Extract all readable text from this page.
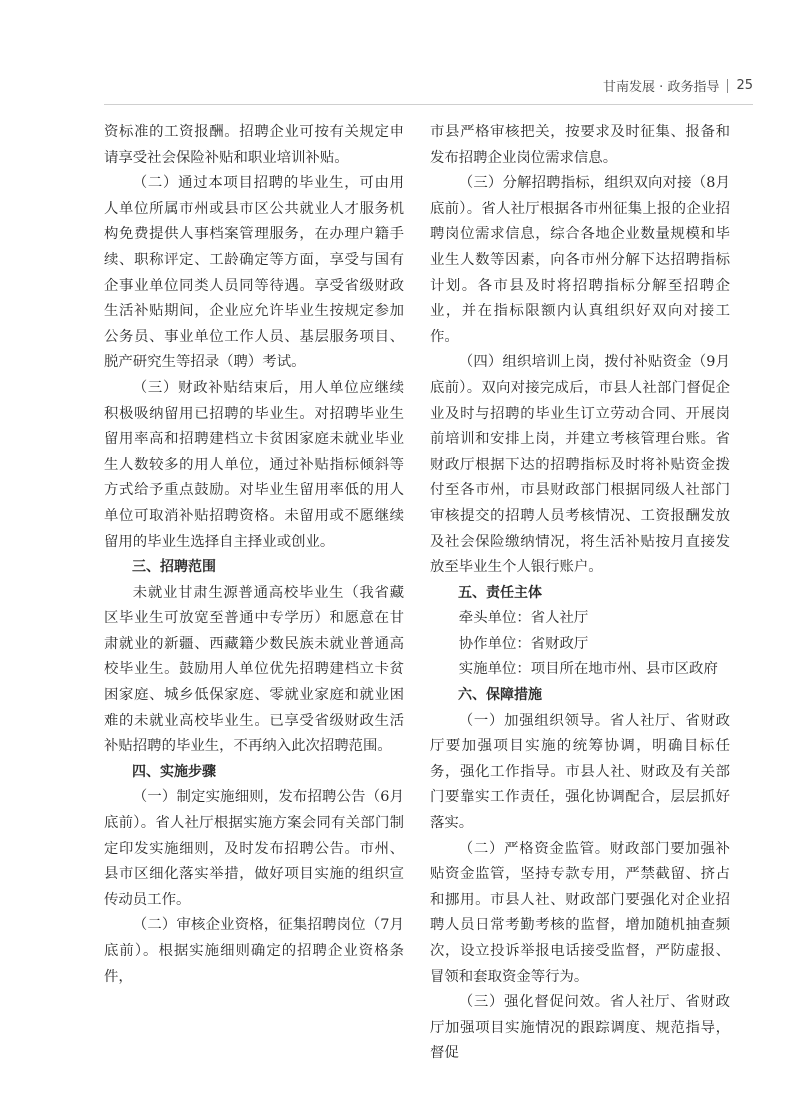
甘南发展 · 政务指导 25

资标准的工资报酬。招聘企业可按有关规定申请享受社会保险补贴和职业培训补贴。

（二）通过本项目招聘的毕业生，可由用人单位所属市州或县市区公共就业人才服务机构免费提供人事档案管理服务，在办理户籍手续、职称评定、工龄确定等方面，享受与国有企事业单位同类人员同等待遇。享受省级财政生活补贴期间，企业应允许毕业生按规定参加公务员、事业单位工作人员、基层服务项目、脱产研究生等招录（聘）考试。

（三）财政补贴结束后，用人单位应继续积极吸纳留用已招聘的毕业生。对招聘毕业生留用率高和招聘建档立卡贫困家庭未就业毕业生人数较多的用人单位，通过补贴指标倾斜等方式给予重点鼓励。对毕业生留用率低的用人单位可取消补贴招聘资格。未留用或不愿继续留用的毕业生选择自主择业或创业。

三、招聘范围

未就业甘肃生源普通高校毕业生（我省藏区毕业生可放宽至普通中专学历）和愿意在甘肃就业的新疆、西藏籍少数民族未就业普通高校毕业生。鼓励用人单位优先招聘建档立卡贫困家庭、城乡低保家庭、零就业家庭和就业困难的未就业高校毕业生。已享受省级财政生活补贴招聘的毕业生，不再纳入此次招聘范围。

四、实施步骤

（一）制定实施细则，发布招聘公告（6月底前）。省人社厅根据实施方案会同有关部门制定印发实施细则，及时发布招聘公告。市州、县市区细化落实举措，做好项目实施的组织宣传动员工作。

（二）审核企业资格，征集招聘岗位（7月底前）。根据实施细则确定的招聘企业资格条件，

市县严格审核把关，按要求及时征集、报备和发布招聘企业岗位需求信息。

（三）分解招聘指标，组织双向对接（8月底前）。省人社厅根据各市州征集上报的企业招聘岗位需求信息，综合各地企业数量规模和毕业生人数等因素，向各市州分解下达招聘指标计划。各市县及时将招聘指标分解至招聘企业，并在指标限额内认真组织好双向对接工作。

（四）组织培训上岗，拨付补贴资金（9月底前）。双向对接完成后，市县人社部门督促企业及时与招聘的毕业生订立劳动合同、开展岗前培训和安排上岗，并建立考核管理台账。省财政厅根据下达的招聘指标及时将补贴资金拨付至各市州，市县财政部门根据同级人社部门审核提交的招聘人员考核情况、工资报酬发放及社会保险缴纳情况，将生活补贴按月直接发放至毕业生个人银行账户。

五、责任主体

牵头单位：省人社厅

协作单位：省财政厅

实施单位：项目所在地市州、县市区政府

六、保障措施

（一）加强组织领导。省人社厅、省财政厅要加强项目实施的统筹协调，明确目标任务，强化工作指导。市县人社、财政及有关部门要靠实工作责任，强化协调配合，层层抓好落实。

（二）严格资金监管。财政部门要加强补贴资金监管，坚持专款专用，严禁截留、挤占和挪用。市县人社、财政部门要强化对企业招聘人员日常考勤考核的监督，增加随机抽查频次，设立投诉举报电话接受监督，严防虚报、冒领和套取资金等行为。

（三）强化督促问效。省人社厅、省财政厅加强项目实施情况的跟踪调度、规范指导，督促
